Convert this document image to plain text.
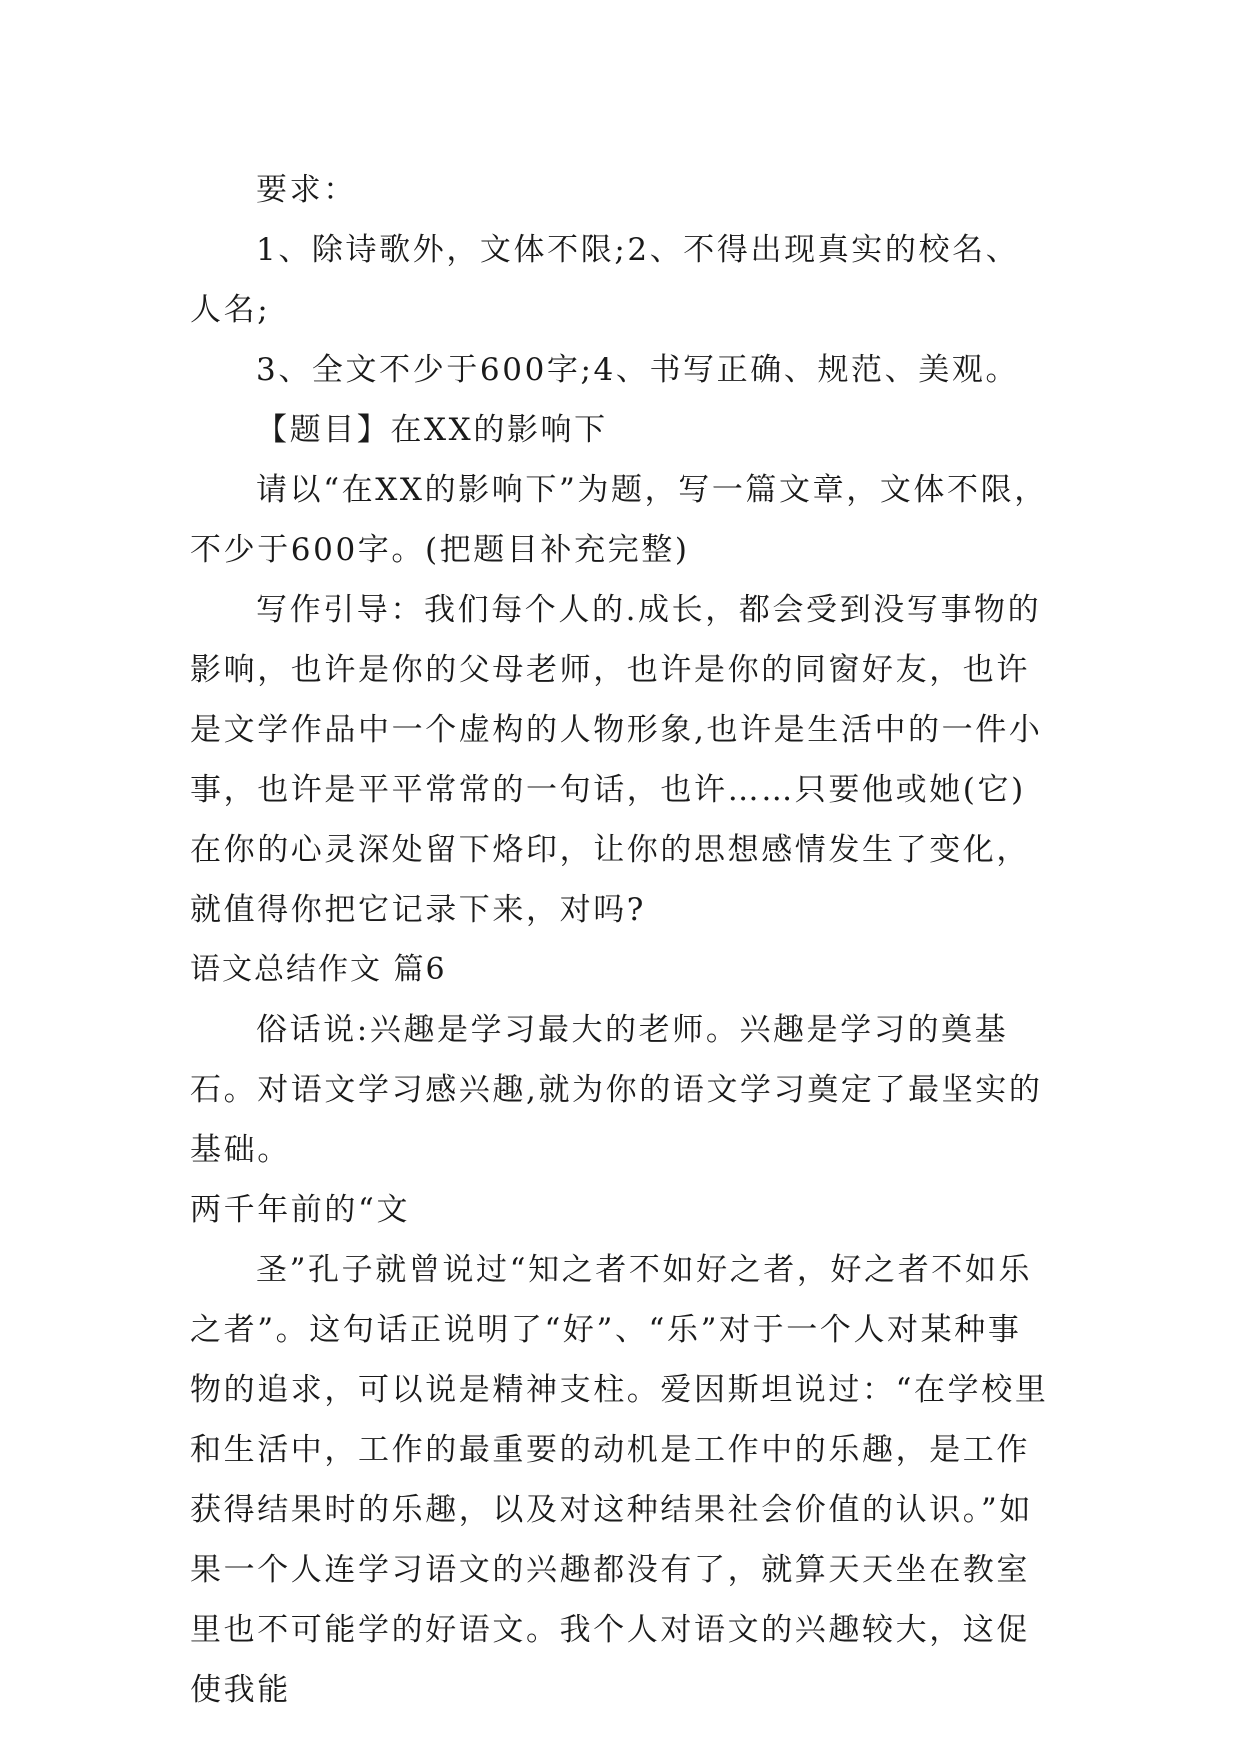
要求：

1、除诗歌外，文体不限;2、不得出现真实的校名、人名;

3、全文不少于600字;4、书写正确、规范、美观。

【题目】在XX的影响下

请以“在XX的影响下”为题，写一篇文章，文体不限，不少于600字。(把题目补充完整)

写作引导：我们每个人的.成长，都会受到没写事物的影响，也许是你的父母老师，也许是你的同窗好友，也许是文学作品中一个虚构的人物形象,也许是生活中的一件小事，也许是平平常常的一句话，也许……只要他或她(它)在你的心灵深处留下烙印，让你的思想感情发生了变化，就值得你把它记录下来，对吗?

语文总结作文 篇6

俗话说:兴趣是学习最大的老师。兴趣是学习的奠基石。对语文学习感兴趣,就为你的语文学习奠定了最坚实的基础。

两千年前的“文

圣”孔子就曾说过“知之者不如好之者，好之者不如乐之者”。这句话正说明了“好”、“乐”对于一个人对某种事物的追求，可以说是精神支柱。爱因斯坦说过：“在学校里和生活中，工作的最重要的动机是工作中的乐趣，是工作获得结果时的乐趣，以及对这种结果社会价值的认识。”如果一个人连学习语文的兴趣都没有了，就算天天坐在教室里也不可能学的好语文。我个人对语文的兴趣较大，这促使我能
